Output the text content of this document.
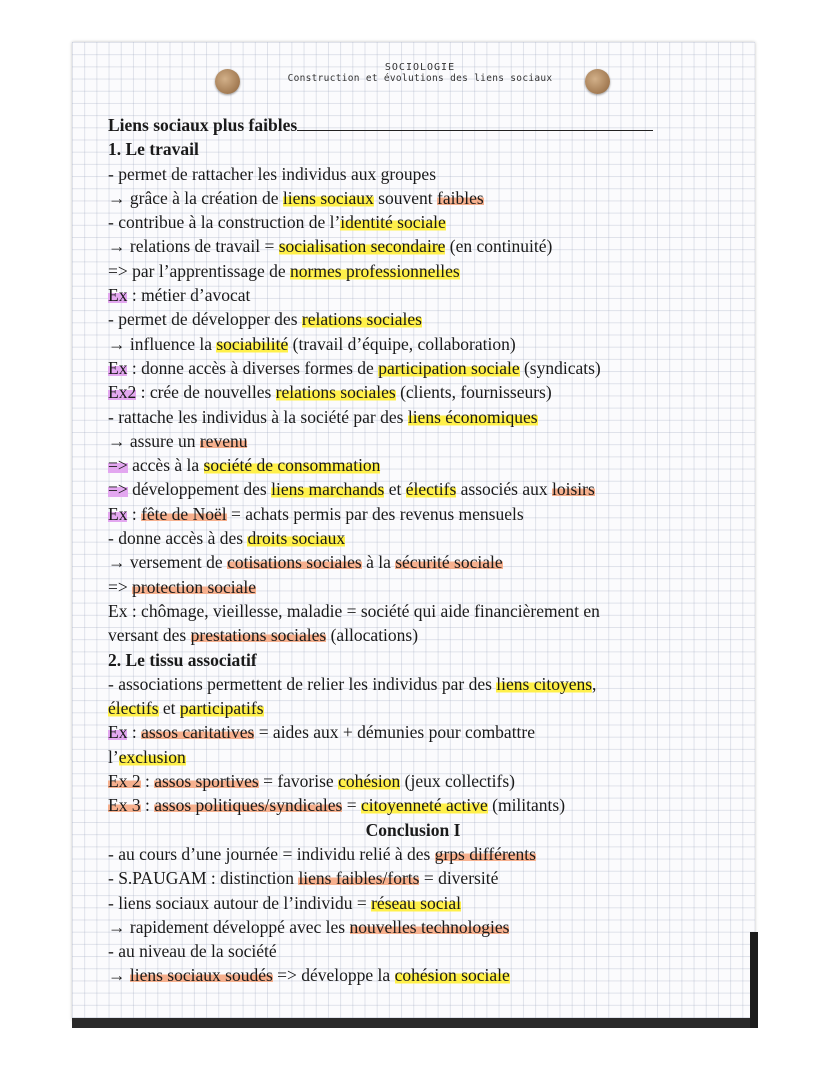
SOCIOLOGIE
Construction et évolutions des liens sociaux
Liens sociaux plus faibles
1. Le travail
- permet de rattacher les individus aux groupes
→ grâce à la création de liens sociaux souvent faibles
- contribue à la construction de l’identité sociale
→ relations de travail = socialisation secondaire (en continuité)
=> par l’apprentissage de normes professionnelles
Ex : métier d’avocat
- permet de développer des relations sociales
→ influence la sociabilité (travail d’équipe, collaboration)
Ex : donne accès à diverses formes de participation sociale (syndicats)
Ex2 : crée de nouvelles relations sociales (clients, fournisseurs)
- rattache les individus à la société par des liens économiques
→ assure un revenu
=> accès à la société de consommation
=> développement des liens marchands et électifs associés aux loisirs
Ex : fête de Noël = achats permis par des revenus mensuels
- donne accès à des droits sociaux
→ versement de cotisations sociales à la sécurité sociale
=> protection sociale
Ex : chômage, vieillesse, maladie = société qui aide financièrement en
versant des prestations sociales (allocations)
2. Le tissu associatif
- associations permettent de relier les individus par des liens citoyens,
électifs et participatifs
Ex : assos caritatives = aides aux + démunies pour combattre
l’exclusion
Ex 2 : assos sportives = favorise cohésion (jeux collectifs)
Ex 3 : assos politiques/syndicales = citoyenneté active (militants)
Conclusion I
- au cours d’une journée = individu relié à des grps différents
- S.PAUGAM : distinction liens faibles/forts = diversité
- liens sociaux autour de l’individu = réseau social
→ rapidement développé avec les nouvelles technologies
- au niveau de la société
→ liens sociaux soudés => développe la cohésion sociale
